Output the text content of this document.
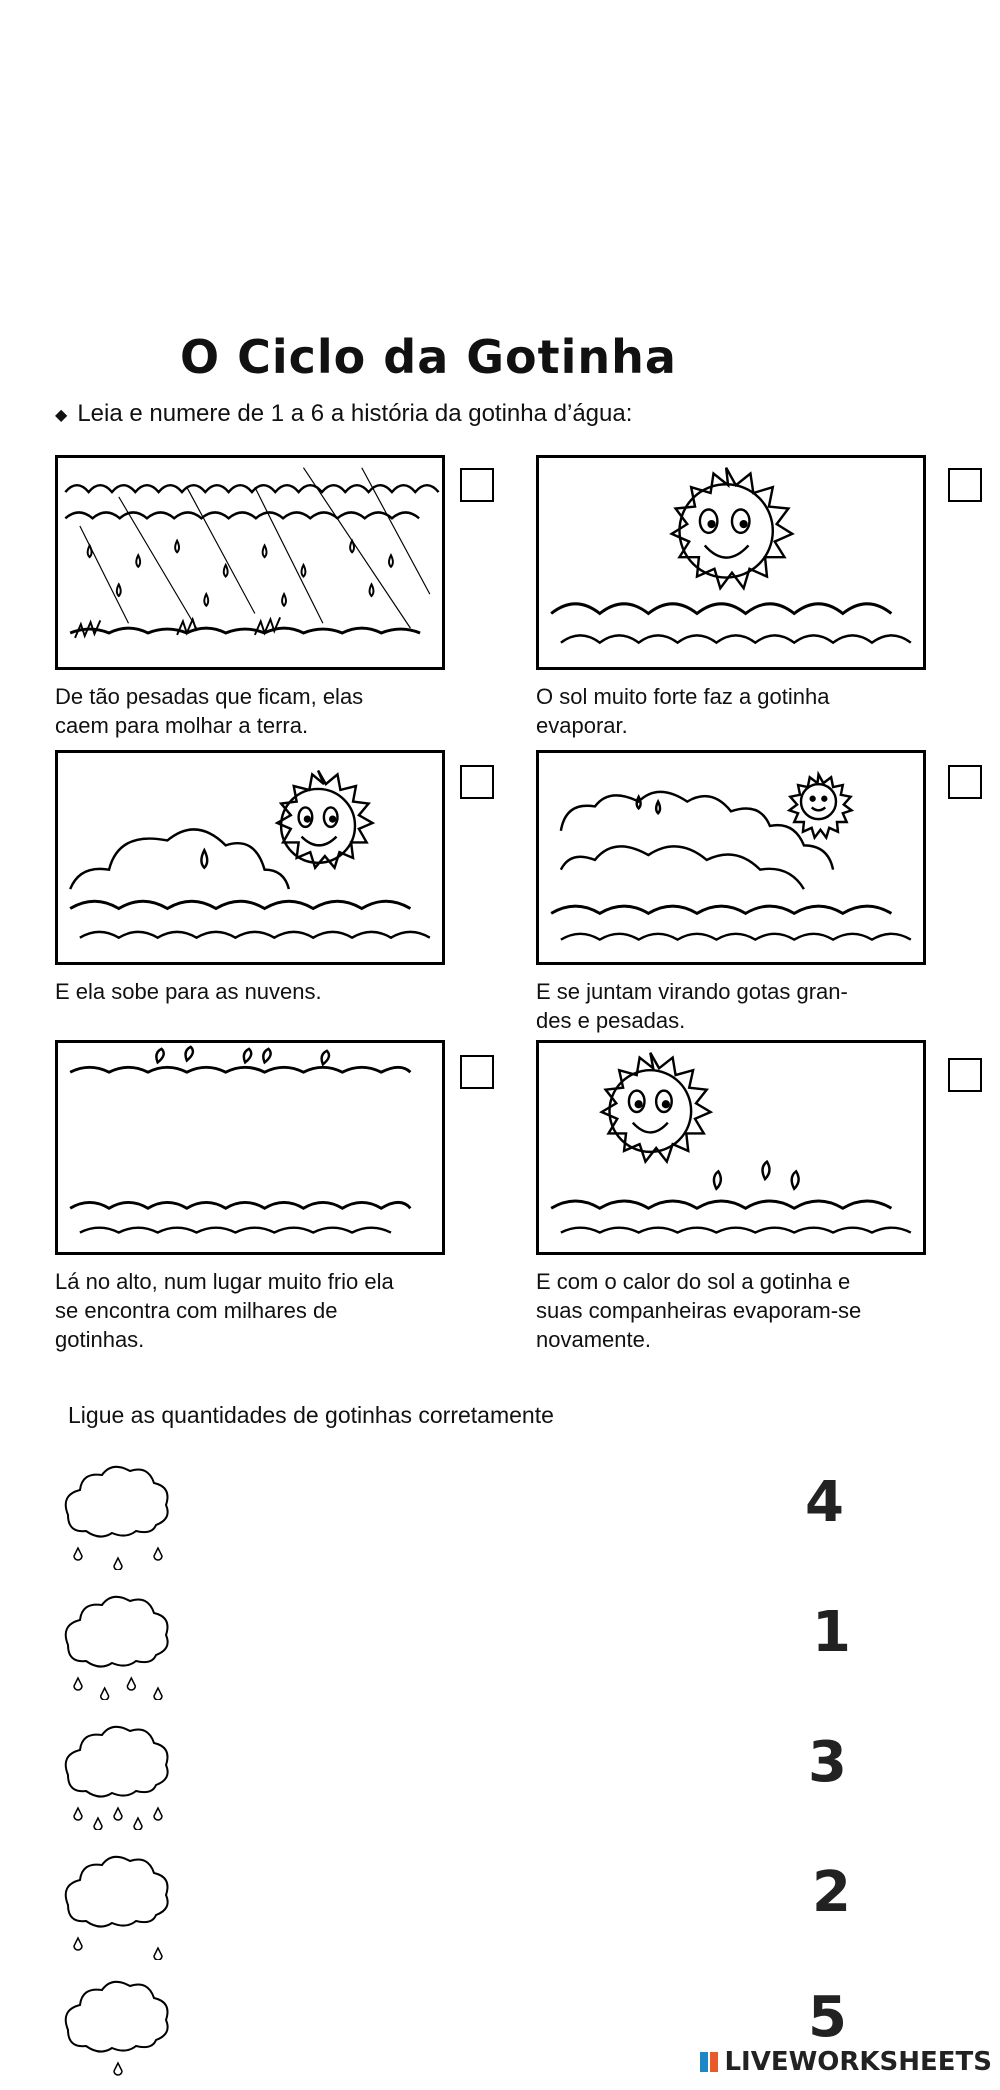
O Ciclo da Gotinha
◆ Leia e numere de 1 a 6 a história da gotinha d’água:
De tão pesadas que ficam, elas
caem para molhar a terra.
O sol muito forte faz a gotinha
evaporar.
E ela sobe para as nuvens.	E se juntam virando gotas gran-
des e pesadas.
Lá no alto, num lugar muito frio ela
se encontra com milhares de
gotinhas.
E com o calor do sol a gotinha e
suas companheiras evaporam-se
novamente.
Ligue as quantidades de gotinhas corretamente
4
1
3
2
5
LIVEWORKSHEETS
